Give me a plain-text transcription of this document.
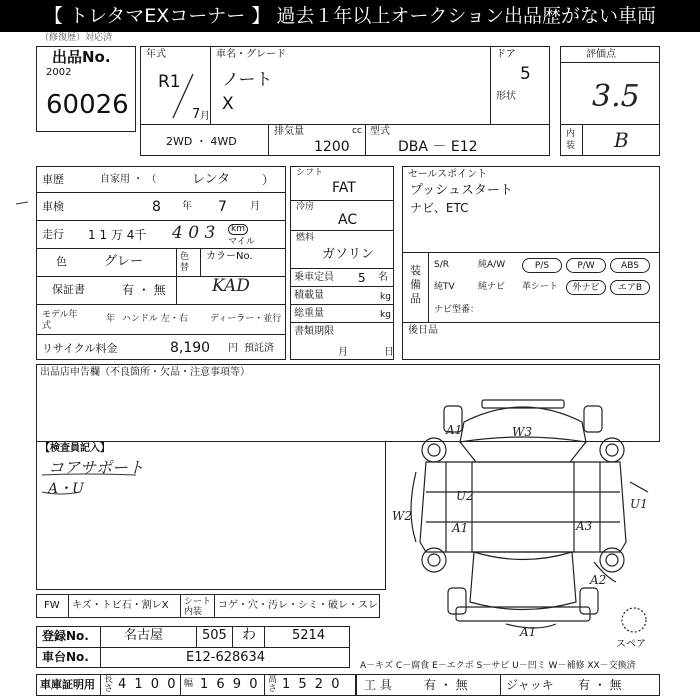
【 トレタマEXコーナー 】 過去１年以上オークション出品歴がない車両
（修復歴）対応済
出品No.
2002
60026
年式
R1
7 月
車名・グレード
ノート
X
ドア
5
形状
2WD ・ 4WD
排気量	cc
1200
型式
DBA － E12
評価点
3.5
内装 B
車歴	自家用 ・ （	レンタ	）
車検	8 年 7 月
走行 1 1 万 4千 4 0 3	km
マイル
色	グレー	色替
カラーNo.
KAD
保証書	有 ・ 無
モデル年式
年 ハンドル 左・右 ディーラー・並行
リサイクル料金	8,190 円 預託済
シフト
FAT
冷房
AC
燃料
ガソリン
乗車定員 5 名
積載量	kg
総重量	kg
書類期限
月	日
セールスポイント
プッシュスタート
ナビ、ETC
装備品
S/R	純A/W	P/S	P/W	ABS
純TV	純ナビ 革シート	外ナビ	エアB
ナビ型番：
後日品
出品店申告欄（不良箇所・欠品・注意事項等）
【検査員記入】
コアサポート
A・U
A1	W3
U2
A1
W2
A3
U1
A2
A1
スペア
FW キズ・トビ石・割レX シート内装
コゲ・穴・汚レ・シミ・破レ・スレ
登録No.	名古屋	505 わ	5214
車台No.	E12-628634
車庫証明用 長さ 4 1 0 0 幅 1 6 9 0 高さ 1 5 2 0
A－キズ C－腐食 E－エクボ S－サビ U－凹ミ W－補修 XX－交換済
工 具	有 ・ 無	ジャッキ 有 ・ 無
